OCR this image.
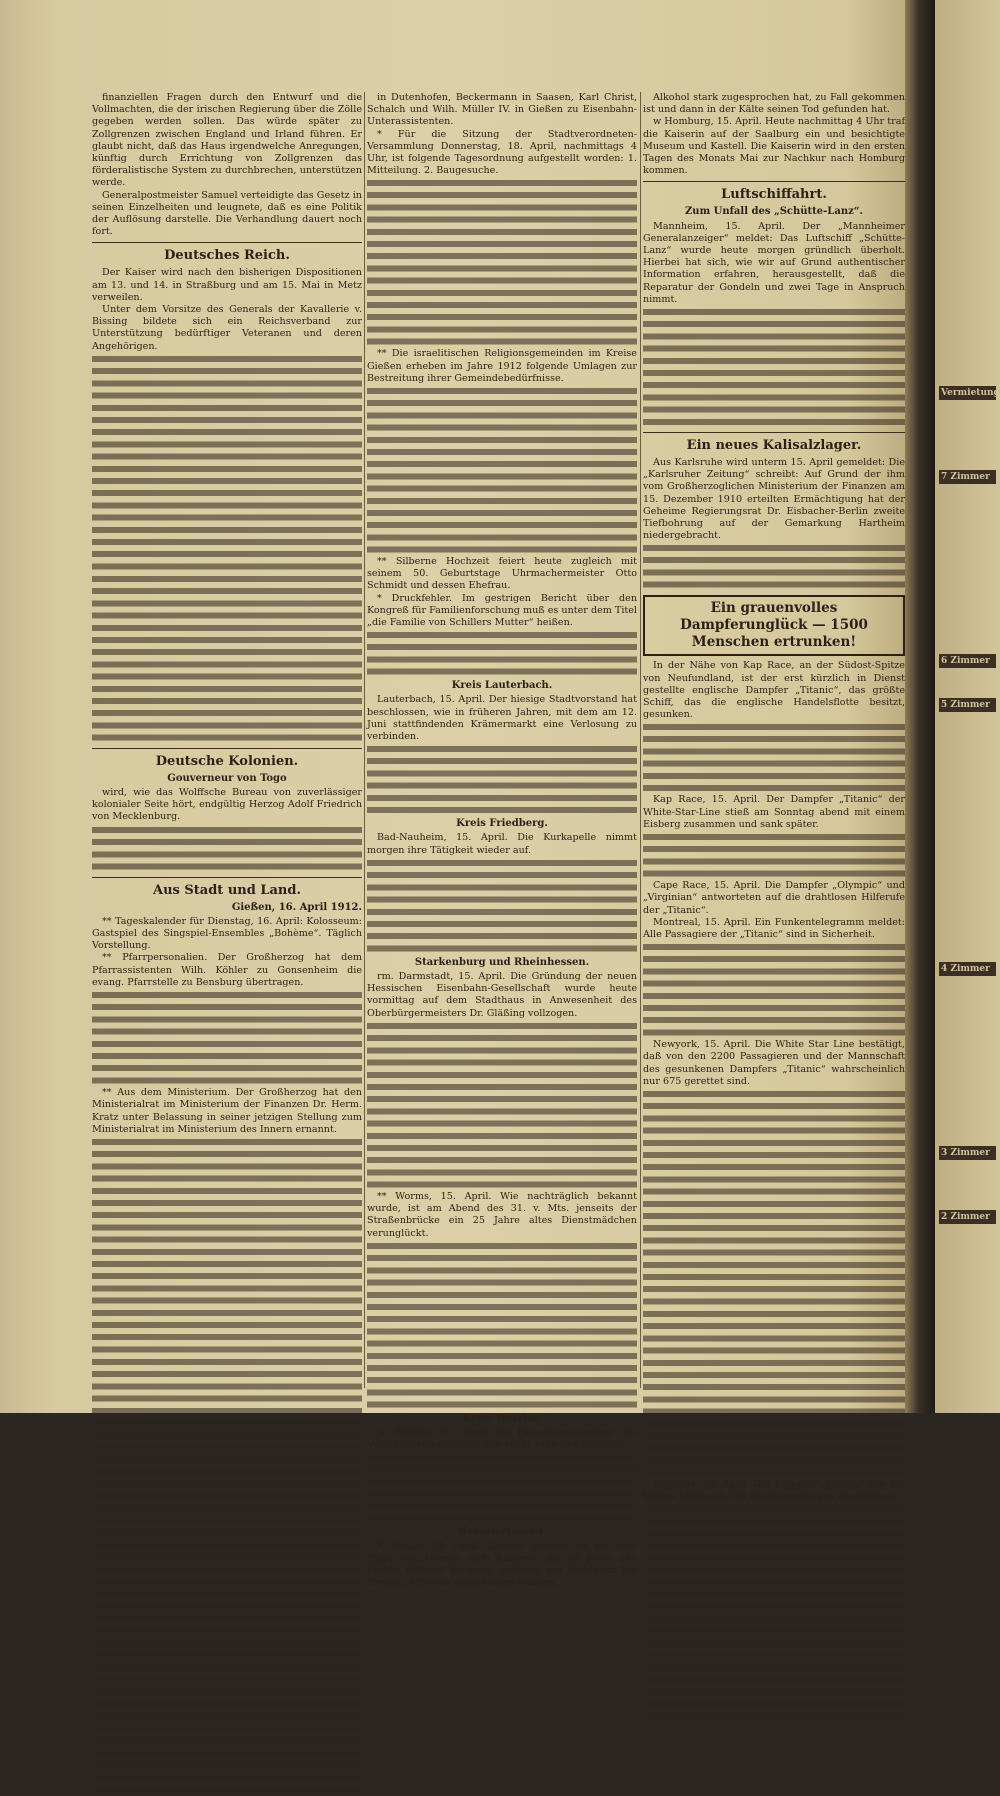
finanziellen Fragen durch den Entwurf und die Vollmachten, die der irischen Regierung über die Zölle gegeben werden sollen. Das würde später zu Zollgrenzen zwischen England und Irland führen. Er glaubt nicht, daß das Haus irgendwelche Anregungen, künftig durch Errichtung von Zollgrenzen das förderalistische System zu durchbrechen, unterstützen werde.

Generalpostmeister Samuel verteidigte das Gesetz in seinen Einzelheiten und leugnete, daß es eine Politik der Auflösung darstelle. Die Verhandlung dauert noch fort.

Deutsches Reich.

Der Kaiser wird nach den bisherigen Dispositionen am 13. und 14. in Straßburg und am 15. Mai in Metz verweilen.

Unter dem Vorsitze des Generals der Kavallerie v. Bissing bildete sich ein Reichsverband zur Unterstützung bedürftiger Veteranen und deren Angehörigen.

Deutsche Kolonien.
Gouverneur von Togo

wird, wie das Wolffsche Bureau von zuverlässiger kolonialer Seite hört, endgültig Herzog Adolf Friedrich von Mecklenburg.

Aus Stadt und Land.
Gießen, 16. April 1912.

** Tageskalender für Dienstag, 16. April: Kolosseum: Gastspiel des Singspiel-Ensembles „Bohème“. Täglich Vorstellung.

** Pfarrpersonalien. Der Großherzog hat dem Pfarrassistenten Wilh. Köhler zu Gonsenheim die evang. Pfarrstelle zu Bensburg übertragen.

** Aus dem Ministerium. Der Großherzog hat den Ministerialrat im Ministerium der Finanzen Dr. Herm. Kratz unter Belassung in seiner jetzigen Stellung zum Ministerialrat im Ministerium des Innern ernannt.

in Dutenhofen, Beckermann in Saasen, Karl Christ, Schalch und Wilh. Müller IV. in Gießen zu Eisenbahn-Unterassistenten.

* Für die Sitzung der Stadtverordneten-Versammlung Donnerstag, 18. April, nachmittags 4 Uhr, ist folgende Tagesordnung aufgestellt worden: 1. Mitteilung. 2. Baugesuche.

** Die israelitischen Religionsgemeinden im Kreise Gießen erheben im Jahre 1912 folgende Umlagen zur Bestreitung ihrer Gemeindebedürfnisse.

** Silberne Hochzeit feiert heute zugleich mit seinem 50. Geburtstage Uhrmachermeister Otto Schmidt und dessen Ehefrau.

* Druckfehler. Im gestrigen Bericht über den Kongreß für Familienforschung muß es unter dem Titel „die Familie von Schillers Mutter“ heißen.

Kreis Lauterbach.

Lauterbach, 15. April. Der hiesige Stadtvorstand hat beschlossen, wie in früheren Jahren, mit dem am 12. Juni stattfindenden Krämermarkt eine Verlosung zu verbinden.

Kreis Friedberg.

Bad-Nauheim, 15. April. Die Kurkapelle nimmt morgen ihre Tätigkeit wieder auf.

Starkenburg und Rheinhessen.

rm. Darmstadt, 15. April. Die Gründung der neuen Hessischen Eisenbahn-Gesellschaft wurde heute vormittag auf dem Stadthaus in Anwesenheit des Oberbürgermeisters Dr. Gläßing vollzogen.

** Worms, 15. April. Wie nachträglich bekannt wurde, ist am Abend des 31. v. Mts. jenseits der Straßenbrücke ein 25 Jahre altes Dienstmädchen verunglückt.

Kreis Wetzlar.

w. Wetzlar, 15. April. Die Hauptversammlung des Verschönerungsvereins war recht zahlreich besucht.

Hessen-Nassau.

X Hanau, 14. April. Gestern morgen ist auf dem Wege von Altenau nach Kälberau der 58 Jahre alte Färber Wilhelm Vorwerk, gebürtig aus Nordheim bei Breslau, erfroren aufgefunden worden.

Alkohol stark zugesprochen hat, zu Fall gekommen ist und dann in der Kälte seinen Tod gefunden hat.

w Homburg, 15. April. Heute nachmittag 4 Uhr traf die Kaiserin auf der Saalburg ein und besichtigte Museum und Kastell. Die Kaiserin wird in den ersten Tagen des Monats Mai zur Nachkur nach Homburg kommen.

Luftschiffahrt.
Zum Unfall des „Schütte-Lanz“.

Mannheim, 15. April. Der „Mannheimer Generalanzeiger“ meldet: Das Luftschiff „Schütte-Lanz“ wurde heute morgen gründlich überholt. Hierbei hat sich, wie wir auf Grund authentischer Information erfahren, herausgestellt, daß die Reparatur der Gondeln und zwei Tage in Anspruch nimmt.

Ein neues Kalisalzlager.

Aus Karlsruhe wird unterm 15. April gemeldet: Die „Karlsruher Zeitung“ schreibt: Auf Grund der ihm vom Großherzoglichen Ministerium der Finanzen am 15. Dezember 1910 erteilten Ermächtigung hat der Geheime Regierungsrat Dr. Eisbacher-Berlin zweite Tiefbohrung auf der Gemarkung Hartheim niedergebracht.

Ein grauenvolles Dampferunglück — 1500 Menschen ertrunken!

In der Nähe von Kap Race, an der Südost-Spitze von Neufundland, ist der erst kürzlich in Dienst gestellte englische Dampfer „Titanic“, das größte Schiff, das die englische Handelsflotte besitzt, gesunken.

Kap Race, 15. April. Der Dampfer „Titanic“ der White-Star-Line stieß am Sonntag abend mit einem Eisberg zusammen und sank später.

Cape Race, 15. April. Die Dampfer „Olympic“ und „Virginian“ antworteten auf die drahtlosen Hilferufe der „Titanic“.

Montreal, 15. April. Ein Funkentelegramm meldet: Alle Passagiere der „Titanic“ sind in Sicherheit.

Newyork, 15. April. Die White Star Line bestätigt, daß von den 2200 Passagieren und der Mannschaft des gesunkenen Dampfers „Titanic“ wahrscheinlich nur 675 gerettet sind.

Newyork, 15. April. Der Dampfer „Titanic“ war am letzten Mittwoch von Southampton aus abgefahren.

Vermietung
7 Zimmer
6 Zimmer
5 Zimmer
4 Zimmer
3 Zimmer
2 Zimmer
